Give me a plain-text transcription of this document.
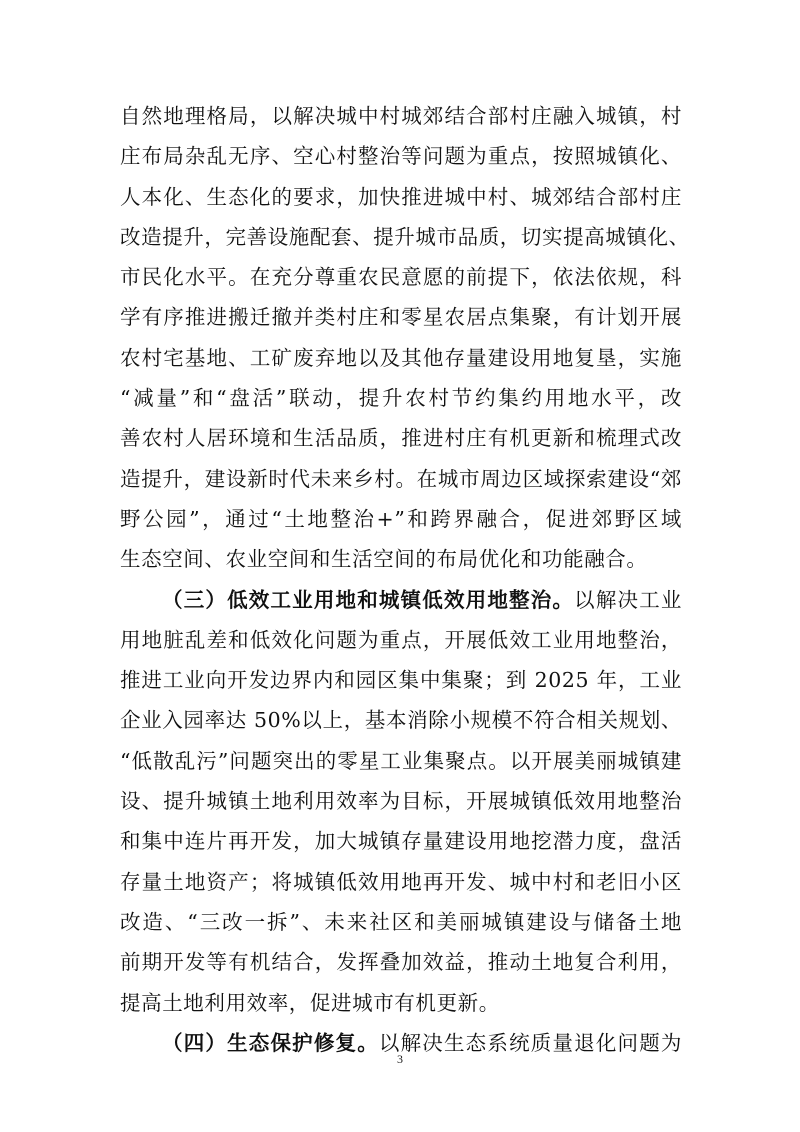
自然地理格局，以解决城中村城郊结合部村庄融入城镇，村
庄布局杂乱无序、空心村整治等问题为重点，按照城镇化、
人本化、生态化的要求，加快推进城中村、城郊结合部村庄
改造提升，完善设施配套、提升城市品质，切实提高城镇化、
市民化水平。在充分尊重农民意愿的前提下，依法依规，科
学有序推进搬迁撤并类村庄和零星农居点集聚，有计划开展
农村宅基地、工矿废弃地以及其他存量建设用地复垦，实施
“减量”和“盘活”联动，提升农村节约集约用地水平，改
善农村人居环境和生活品质，推进村庄有机更新和梳理式改
造提升，建设新时代未来乡村。在城市周边区域探索建设“郊
野公园”，通过“土地整治+”和跨界融合，促进郊野区域
生态空间、农业空间和生活空间的布局优化和功能融合。
（三）低效工业用地和城镇低效用地整治。以解决工业
用地脏乱差和低效化问题为重点，开展低效工业用地整治，
推进工业向开发边界内和园区集中集聚；到 2025 年，工业
企业入园率达 50%以上，基本消除小规模不符合相关规划、
“低散乱污”问题突出的零星工业集聚点。以开展美丽城镇建
设、提升城镇土地利用效率为目标，开展城镇低效用地整治
和集中连片再开发，加大城镇存量建设用地挖潜力度，盘活
存量土地资产；将城镇低效用地再开发、城中村和老旧小区
改造、“三改一拆”、未来社区和美丽城镇建设与储备土地
前期开发等有机结合，发挥叠加效益，推动土地复合利用，
提高土地利用效率，促进城市有机更新。
（四）生态保护修复。以解决生态系统质量退化问题为
3
